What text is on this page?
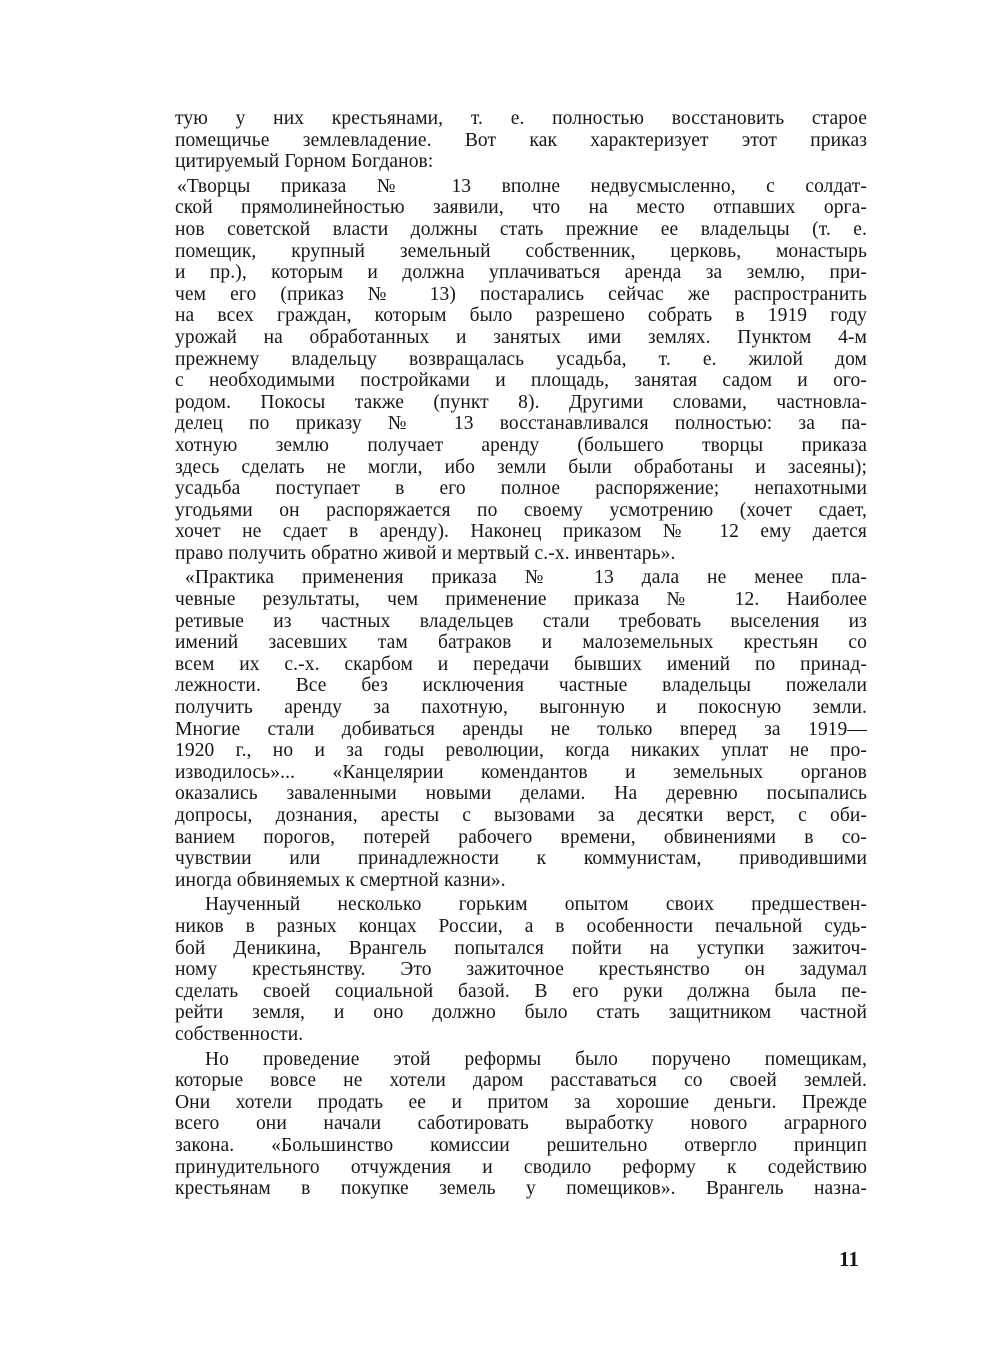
тую у них крестьянами, т. е. полностью восстановить старое
помещичье землевладение. Вот как характеризует этот приказ
цитируемый Горном Богданов:
«Творцы приказа № 13 вполне недвусмысленно, с солдат-
ской прямолинейностью заявили, что на место отпавших орга-
нов советской власти должны стать прежние ее владельцы (т. е.
помещик, крупный земельный собственник, церковь, монастырь
и пр.), которым и должна уплачиваться аренда за землю, при-
чем его (приказ № 13) постарались сейчас же распространить
на всех граждан, которым было разрешено собрать в 1919 году
урожай на обработанных и занятых ими землях. Пунктом 4-м
прежнему владельцу возвращалась усадьба, т. е. жилой дом
с необходимыми постройками и площадь, занятая садом и ого-
родом. Покосы также (пункт 8). Другими словами, частновла-
делец по приказу № 13 восстанавливался полностью: за па-
хотную землю получает аренду (большего творцы приказа
здесь сделать не могли, ибо земли были обработаны и засеяны);
усадьба поступает в его полное распоряжение; непахотными
угодьями он распоряжается по своему усмотрению (хочет сдает,
хочет не сдает в аренду). Наконец приказом № 12 ему дается
право получить обратно живой и мертвый с.-х. инвентарь».
«Практика применения приказа № 13 дала не менее пла-
чевные результаты, чем применение приказа № 12. Наиболее
ретивые из частных владельцев стали требовать выселения из
имений засевших там батраков и малоземельных крестьян со
всем их с.-х. скарбом и передачи бывших имений по принад-
лежности. Все без исключения частные владельцы пожелали
получить аренду за пахотную, выгонную и покосную земли.
Многие стали добиваться аренды не только вперед за 1919—
1920 г., но и за годы революции, когда никаких уплат не про-
изводилось»... «Канцелярии комендантов и земельных органов
оказались заваленными новыми делами. На деревню посыпались
допросы, дознания, аресты с вызовами за десятки верст, с оби-
ванием порогов, потерей рабочего времени, обвинениями в со-
чувствии или принадлежности к коммунистам, приводившими
иногда обвиняемых к смертной казни».
Наученный несколько горьким опытом своих предшествен-
ников в разных концах России, а в особенности печальной судь-
бой Деникина, Врангель попытался пойти на уступки зажиточ-
ному крестьянству. Это зажиточное крестьянство он задумал
сделать своей социальной базой. В его руки должна была пе-
рейти земля, и оно должно было стать защитником частной
собственности.
Но проведение этой реформы было поручено помещикам,
которые вовсе не хотели даром расставаться со своей землей.
Они хотели продать ее и притом за хорошие деньги. Прежде
всего они начали саботировать выработку нового аграрного
закона. «Большинство комиссии решительно отвергло принцип
принудительного отчуждения и сводило реформу к содействию
крестьянам в покупке земель у помещиков». Врангель назна-
11
